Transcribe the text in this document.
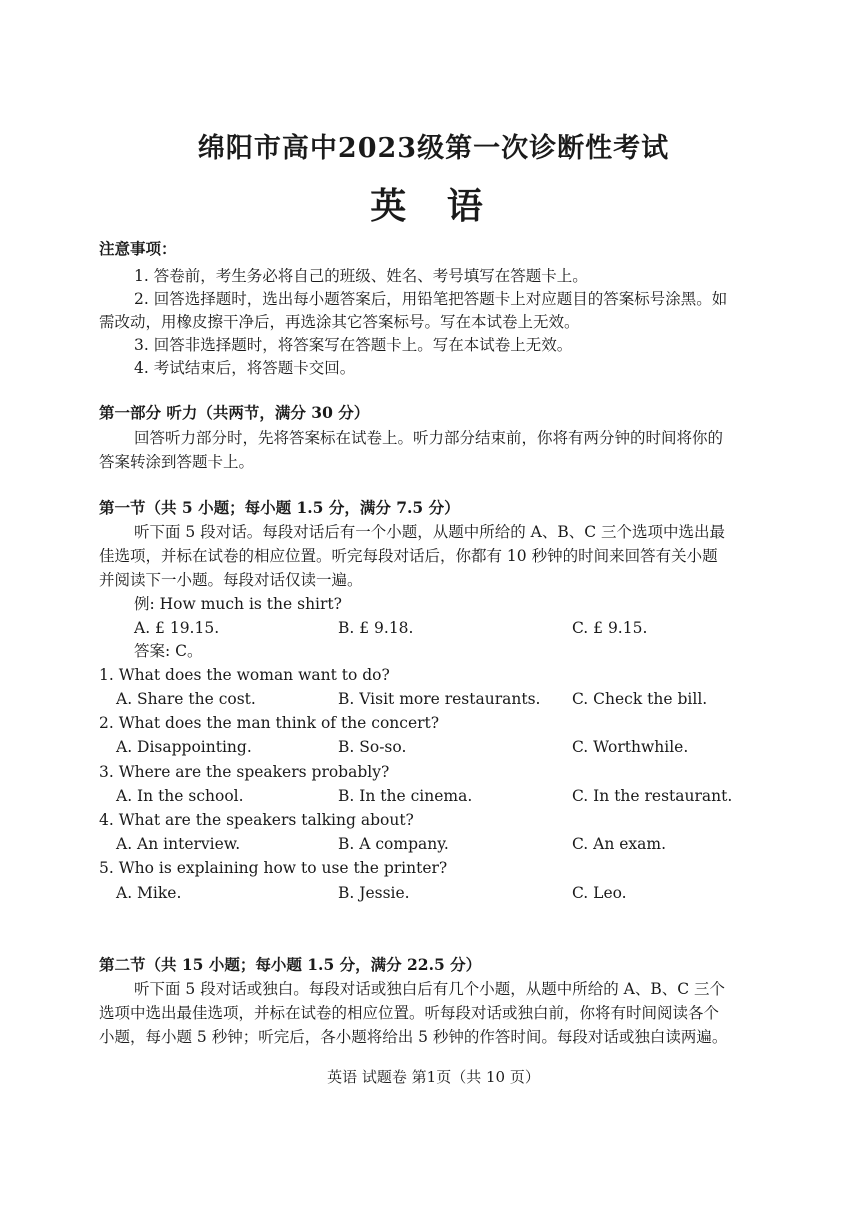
绵阳市高中2023级第一次诊断性考试
英 语
注意事项：
1. 答卷前，考生务必将自己的班级、姓名、考号填写在答题卡上。
2. 回答选择题时，选出每小题答案后，用铅笔把答题卡上对应题目的答案标号涂黑。如
需改动，用橡皮擦干净后，再选涂其它答案标号。写在本试卷上无效。
3. 回答非选择题时，将答案写在答题卡上。写在本试卷上无效。
4. 考试结束后，将答题卡交回。
第一部分 听力（共两节，满分 30 分）
回答听力部分时，先将答案标在试卷上。听力部分结束前，你将有两分钟的时间将你的
答案转涂到答题卡上。
第一节（共 5 小题；每小题 1.5 分，满分 7.5 分）
听下面 5 段对话。每段对话后有一个小题，从题中所给的 A、B、C 三个选项中选出最
佳选项，并标在试卷的相应位置。听完每段对话后，你都有 10 秒钟的时间来回答有关小题
并阅读下一小题。每段对话仅读一遍。
例: How much is the shirt?
A. £ 19.15.	B. £ 9.18.	C. £ 9.15.
答案: C。
1. What does the woman want to do?
A. Share the cost.	B. Visit more restaurants. C. Check the bill.
2. What does the man think of the concert?
A. Disappointing.	B. So-so.	C. Worthwhile.
3. Where are the speakers probably?
A. In the school.	B. In the cinema.	C. In the restaurant.
4. What are the speakers talking about?
A. An interview.	B. A company.	C. An exam.
5. Who is explaining how to use the printer?
A. Mike.	B. Jessie.	C. Leo.
第二节（共 15 小题；每小题 1.5 分，满分 22.5 分）
听下面 5 段对话或独白。每段对话或独白后有几个小题，从题中所给的 A、B、C 三个
选项中选出最佳选项，并标在试卷的相应位置。听每段对话或独白前，你将有时间阅读各个
小题，每小题 5 秒钟；听完后，各小题将给出 5 秒钟的作答时间。每段对话或独白读两遍。
英语 试题卷 第1页（共 10 页）
